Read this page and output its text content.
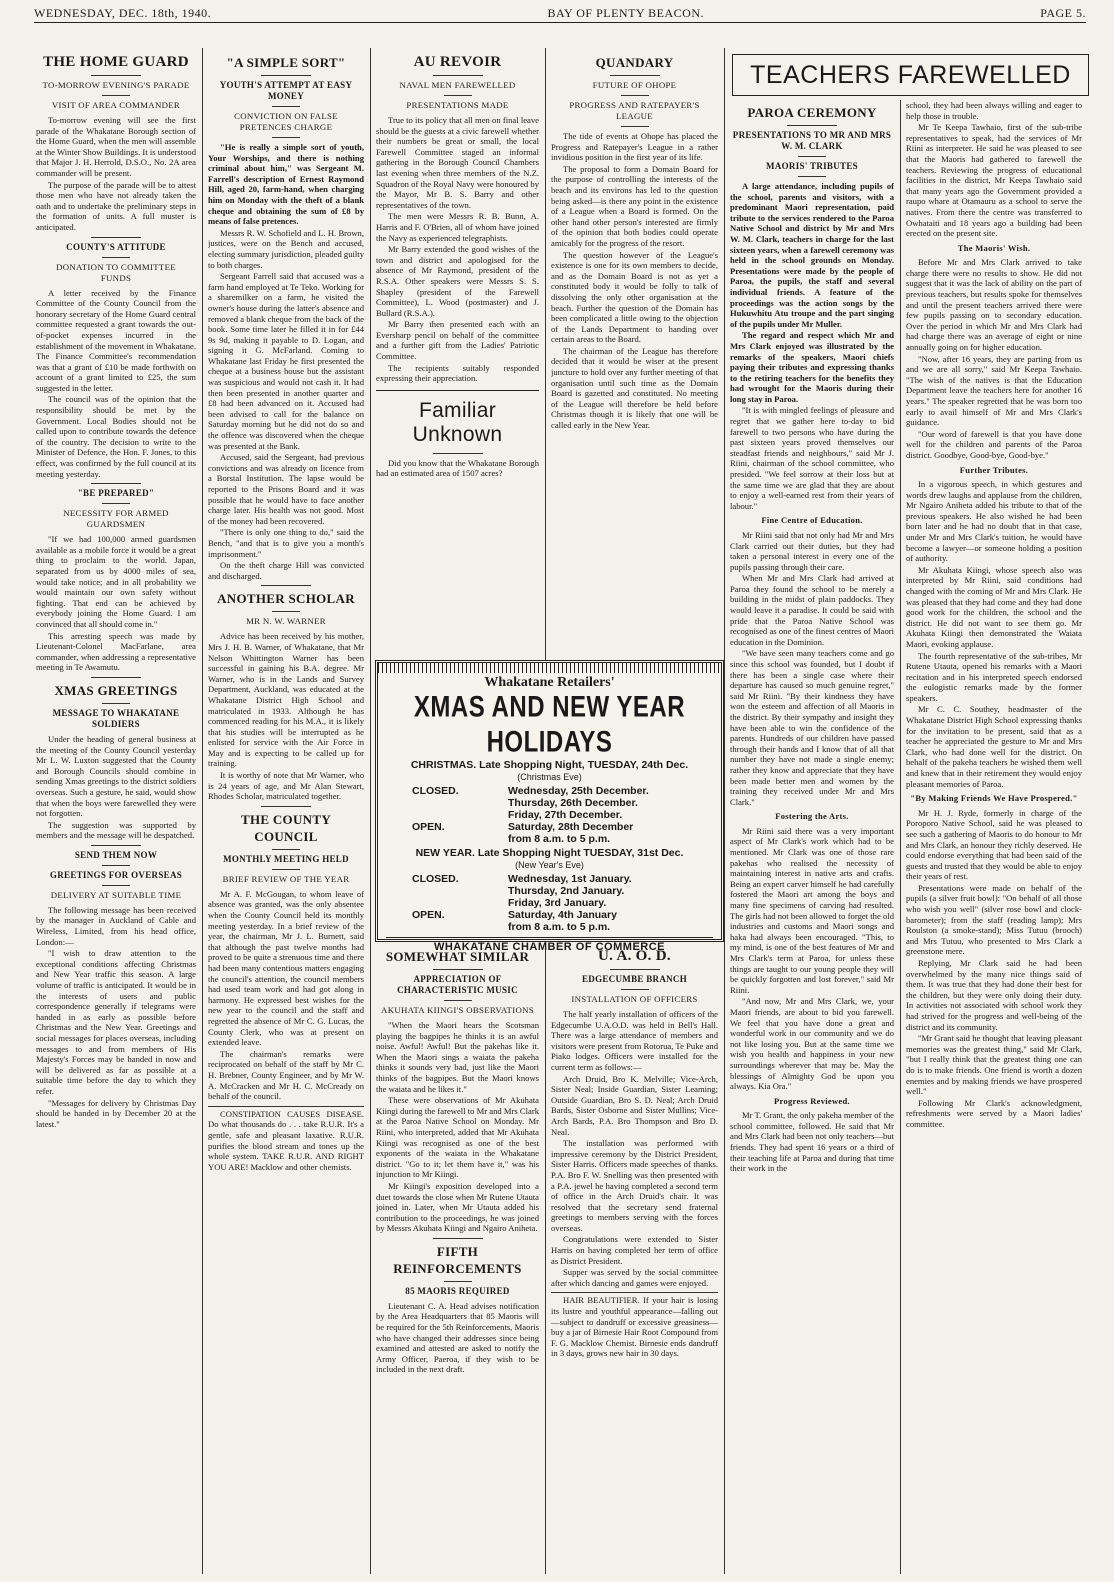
WEDNESDAY, DEC. 18th, 1940.	BAY OF PLENTY BEACON.	PAGE 5.
THE HOME GUARD
TO-MORROW EVENING'S PARADE
VISIT OF AREA COMMANDER

To-morrow evening will see the first parade of the Whakatane Borough section of the Home Guard, when the men will assemble at the Winter Show Buildings. It is understood that Major J. H. Herrold, D.S.O., No. 2A area commander will be present.

The purpose of the parade will be to attest those men who have not already taken the oath and to undertake the preliminary steps in the formation of units. A full muster is anticipated.

COUNTY'S ATTITUDE
DONATION TO COMMITTEE FUNDS

A letter received by the Finance Committee of the County Council from the honorary secretary of the Home Guard central committee requested a grant towards the out-of-pocket expenses incurred in the establishment of the movement in Whakatane. The Finance Committee's recommendation was that a grant of £10 be made forthwith on account of a grant limited to £25, the sum suggested in the letter.

The council was of the opinion that the responsibility should be met by the Government. Local Bodies should not be called upon to contribute towards the defence of the country. The decision to write to the Minister of Defence, the Hon. F. Jones, to this effect, was confirmed by the full council at its meeting yesterday.

"BE PREPARED"
NECESSITY FOR ARMED GUARDSMEN

"If we had 100,000 armed guardsmen available as a mobile force it would be a great thing to proclaim to the world. Japan, separated from us by 4000 miles of sea, would take notice; and in all probability we would maintain our own safety without fighting. That end can be achieved by everybody joining the Home Guard. I am convinced that all should come in."

This arresting speech was made by Lieutenant-Colonel MacFarlane, area commander, when addressing a representative meeting in Te Awamutu.

XMAS GREETINGS
MESSAGE TO WHAKATANE SOLDIERS

Under the heading of general business at the meeting of the County Council yesterday Mr L. W. Luxton suggested that the County and Borough Councils should combine in sending Xmas greetings to the district soldiers overseas. Such a gesture, he said, would show that when the boys were farewelled they were not forgotten.

The suggestion was supported by members and the message will be despatched.

SEND THEM NOW
GREETINGS FOR OVERSEAS
DELIVERY AT SUITABLE TIME

The following message has been received by the manager in Auckland of Cable and Wireless, Limited, from his head office, London:—

"I wish to draw attention to the exceptional conditions affecting Christmas and New Year traffic this season. A large volume of traffic is anticipated. It would be in the interests of users and public correspondence generally if telegrams were handed in as early as possible before Christmas and the New Year. Greetings and social messages for places overseas, including messages to and from members of His Majesty's Forces may be handed in now and will be delivered as far as possible at a suitable time before the day to which they refer.

"Messages for delivery by Christmas Day should be handed in by December 20 at the latest."

"A SIMPLE SORT"
YOUTH'S ATTEMPT AT EASY MONEY
CONVICTION ON FALSE PRETENCES CHARGE

"He is really a simple sort of youth, Your Worships, and there is nothing criminal about him," was Sergeant M. Farrell's description of Ernest Raymond Hill, aged 20, farm-hand, when charging him on Monday with the theft of a blank cheque and obtaining the sum of £8 by means of false pretences.

Messrs R. W. Schofield and L. H. Brown, justices, were on the Bench and accused, electing summary jurisdiction, pleaded guilty to both charges.

Sergeant Farrell said that accused was a farm hand employed at Te Teko. Working for a sharemilker on a farm, he visited the owner's house during the latter's absence and removed a blank cheque from the back of the book. Some time later he filled it in for £44 9s 9d, making it payable to D. Logan, and signing it G. McFarland. Coming to Whakatane last Friday he first presented the cheque at a business house but the assistant was suspicious and would not cash it. It had then been presented in another quarter and £8 had been advanced on it. Accused had been advised to call for the balance on Saturday morning but he did not do so and the offence was discovered when the cheque was presented at the Bank.

Accused, said the Sergeant, had previous convictions and was already on licence from a Borstal Institution. The lapse would be reported to the Prisons Board and it was possible that he would have to face another charge later. His health was not good. Most of the money had been recovered.

"There is only one thing to do," said the Bench, "and that is to give you a month's imprisonment."

On the theft charge Hill was convicted and discharged.

ANOTHER SCHOLAR
MR N. W. WARNER

Advice has been received by his mother, Mrs J. H. B. Warner, of Whakatane, that Mr Nelson Whittington Warner has been successful in gaining his B.A. degree. Mr Warner, who is in the Lands and Survey Department, Auckland, was educated at the Whakatane District High School and matriculated in 1933. Although he has commenced reading for his M.A., it is likely that his studies will be interrupted as he enlisted for service with the Air Force in May and is expecting to be called up for training.

It is worthy of note that Mr Warner, who is 24 years of age, and Mr Alan Stewart, Rhodes Scholar, matriculated together.

THE COUNTY COUNCIL
MONTHLY MEETING HELD
BRIEF REVIEW OF THE YEAR

Mr A. F. McGougan, to whom leave of absence was granted, was the only absentee when the County Council held its monthly meeting yesterday. In a brief review of the year, the chairman, Mr J. L. Burnett, said that although the past twelve months had proved to be quite a strenuous time and there had been many contentious matters engaging the council's attention, the council members had used team work and had got along in harmony. He expressed best wishes for the new year to the council and the staff and regretted the absence of Mr C. G. Lucas, the County Clerk, who was at present on extended leave.

The chairman's remarks were reciprocated on behalf of the staff by Mr C. H. Brebner, County Engineer, and by Mr W. A. McCracken and Mr H. C. McCready on behalf of the council.

CONSTIPATION CAUSES DISEASE. Do what thousands do . . . take R.U.R. It's a gentle, safe and pleasant laxative. R.U.R. purifies the blood stream and tones up the whole system. TAKE R.U.R. AND RIGHT YOU ARE! Macklow and other chemists.

AU REVOIR
NAVAL MEN FAREWELLED
PRESENTATIONS MADE

True to its policy that all men on final leave should be the guests at a civic farewell whether their numbers be great or small, the local Farewell Committee staged an informal gathering in the Borough Council Chambers last evening when three members of the N.Z. Squadron of the Royal Navy were honoured by the Mayor, Mr B. S. Barry and other representatives of the town.

The men were Messrs R. B. Bunn, A. Harris and F. O'Brien, all of whom have joined the Navy as experienced telegraphists.

Mr Barry extended the good wishes of the town and district and apologised for the absence of Mr Raymond, president of the R.S.A. Other speakers were Messrs S. S. Shapley (president of the Farewell Committee), L. Wood (postmaster) and J. Bullard (R.S.A.).

Mr Barry then presented each with an Eversharp pencil on behalf of the committee and a further gift from the Ladies' Patriotic Committee.

The recipients suitably responded expressing their appreciation.

Familiar Unknown

Did you know that the Whakatane Borough had an estimated area of 1507 acres?

QUANDARY
FUTURE OF OHOPE
PROGRESS AND RATEPAYER'S LEAGUE

The tide of events at Ohope has placed the Progress and Ratepayer's League in a rather invidious position in the first year of its life.

The proposal to form a Domain Board for the purpose of controlling the interests of the beach and its environs has led to the question being asked—is there any point in the existence of a League when a Board is formed. On the other hand other person's interested are firmly of the opinion that both bodies could operate amicably for the progress of the resort.

The question however of the League's existence is one for its own members to decide, and as the Domain Board is not as yet a constituted body it would be folly to talk of dissolving the only other organisation at the beach. Further the question of the Domain has been complicated a little owing to the objection of the Lands Department to handing over certain areas to the Board.

The chairman of the League has therefore decided that it would be wiser at the present juncture to hold over any further meeting of that organisation until such time as the Domain Board is gazetted and constituted. No meeting of the League will therefore be held before Christmas though it is likely that one will be called early in the New Year.

Whakatane Retailers'
XMAS AND NEW YEAR HOLIDAYS
CHRISTMAS. Late Shopping Night, TUESDAY, 24th Dec.
(Christmas Eve)
CLOSED.	Wednesday, 25th December.
	Thursday, 26th December.
	Friday, 27th December.
OPEN.	Saturday, 28th December
	from 8 a.m. to 5 p.m.
NEW YEAR. Late Shopping Night TUESDAY, 31st Dec.
(New Year's Eve)
CLOSED.	Wednesday, 1st January.
	Thursday, 2nd January.
	Friday, 3rd January.
OPEN.	Saturday, 4th January
	from 8 a.m. to 5 p.m.
WHAKATANE CHAMBER OF COMMERCE
SOMEWHAT SIMILAR
APPRECIATION OF CHARACTERISTIC MUSIC
AKUHATA KIINGI'S OBSERVATIONS

"When the Maori hears the Scotsman playing the bagpipes he thinks it is an awful noise. Awful! Awful! But the pakehas like it. When the Maori sings a waiata the pakeha thinks it sounds very bad, just like the Maori thinks of the bagpipes. But the Maori knows the waiata and he likes it."

These were observations of Mr Akuhata Kiingi during the farewell to Mr and Mrs Clark at the Paroa Native School on Monday. Mr Riini, who interpreted, added that Mr Akuhata Kiingi was recognised as one of the best exponents of the waiata in the Whakatane district. "Go to it; let them have it," was his injunction to Mr Kiingi.

Mr Kiingi's exposition developed into a duet towards the close when Mr Rutene Utauta joined in. Later, when Mr Utauta added his contribution to the proceedings, he was joined by Messrs Akuhata Kiingi and Ngairo Aniheta.

FIFTH REINFORCEMENTS
85 MAORIS REQUIRED

Lieutenant C. A. Head advises notification by the Area Headquarters that 85 Maoris will be required for the 5th Reinforcements, Maoris who have changed their addresses since being examined and attested are asked to notify the Army Officer, Paeroa, if they wish to be included in the next draft.

U. A. O. D.
EDGECUMBE BRANCH
INSTALLATION OF OFFICERS

The half yearly installation of officers of the Edgecumbe U.A.O.D. was held in Bell's Hall. There was a large attendance of members and visitors were present from Rotorua, Te Puke and Piako lodges. Officers were installed for the current term as follows:—

Arch Druid, Bro K. Melville; Vice-Arch, Sister Neal; Inside Guardian, Sister Leaming; Outside Guardian, Bro S. D. Neal; Arch Druid Bards, Sister Osborne and Sister Mullins; Vice-Arch Bards, P.A. Bro Thompson and Bro D. Neal.

The installation was performed with impressive ceremony by the District President, Sister Harris. Officers made speeches of thanks. P.A. Bro F. W. Snelling was then presented with a P.A. jewel he having completed a second term of office in the Arch Druid's chair. It was resolved that the secretary send fraternal greetings to members serving with the forces overseas.

Congratulations were extended to Sister Harris on having completed her term of office as District President.

Supper was served by the social committee after which dancing and games were enjoyed.

HAIR BEAUTIFIER. If your hair is losing its lustre and youthful appearance—falling out—subject to dandruff or excessive greasiness—buy a jar of Birnesie Hair Root Compound from F. G. Macklow Chemist. Birnesie ends dandruff in 3 days, grows new hair in 30 days.

TEACHERS FAREWELLED
PAROA CEREMONY
PRESENTATIONS TO MR AND MRS W. M. CLARK
MAORIS' TRIBUTES

A large attendance, including pupils of the school, parents and visitors, with a predominant Maori representation, paid tribute to the services rendered to the Paroa Native School and district by Mr and Mrs W. M. Clark, teachers in charge for the last sixteen years, when a farewell ceremony was held in the school grounds on Monday. Presentations were made by the people of Paroa, the pupils, the staff and several individual friends. A feature of the proceedings was the action songs by the Hukuwhitu Atu troupe and the part singing of the pupils under Mr Muller.

The regard and respect which Mr and Mrs Clark enjoyed was illustrated by the remarks of the speakers, Maori chiefs paying their tributes and expressing thanks to the retiring teachers for the benefits they had wrought for the Maoris during their long stay in Paroa.

"It is with mingled feelings of pleasure and regret that we gather here to-day to bid farewell to two persons who have during the past sixteen years proved themselves our steadfast friends and neighbours," said Mr J. Riini, chairman of the school committee, who presided. "We feel sorrow at their loss but at the same time we are glad that they are about to enjoy a well-earned rest from their years of labour."

Fine Centre of Education.

Mr Riini said that not only had Mr and Mrs Clark carried out their duties, but they had taken a personal interest in every one of the pupils passing through their care.

When Mr and Mrs Clark had arrived at Paroa they found the school to be merely a building in the midst of plain paddocks. They would leave it a paradise. It could be said with pride that the Paroa Native School was recognised as one of the finest centres of Maori education in the Dominion.

"We have seen many teachers come and go since this school was founded, but I doubt if there has been a single case where their departure has caused so much genuine regret," said Mr Riini. "By their kindness they have won the esteem and affection of all Maoris in the district. By their sympathy and insight they have been able to win the confidence of the parents. Hundreds of our children have passed through their hands and I know that of all that number they have not made a single enemy; rather they know and appreciate that they have been made better men and women by the training they received under Mr and Mrs Clark."

Fostering the Arts.

Mr Riini said there was a very important aspect of Mr Clark's work which had to be mentioned. Mr Clark was one of those rare pakehas who realised the necessity of maintaining interest in native arts and crafts. Being an expert carver himself he had carefully fostered the Maori art among the boys and many fine specimens of carving had resulted. The girls had not been allowed to forget the old industries and customs and Maori songs and haka had always been encouraged. "This, to my mind, is one of the best features of Mr and Mrs Clark's term at Paroa, for unless these things are taught to our young people they will be quickly forgotten and lost forever," said Mr Riini.

"And now, Mr and Mrs Clark, we, your Maori friends, are about to bid you farewell. We feel that you have done a great and wonderful work in our community and we do not like losing you. But at the same time we wish you health and happiness in your new surroundings wherever that may be. May the blessings of Almighty God be upon you always. Kia Ora."

Progress Reviewed.

Mr T. Grant, the only pakeha member of the school committee, followed. He said that Mr and Mrs Clark had been not only teachers—but friends. They had spent 16 years or a third of their teaching life at Paroa and during that time their work in the

school, they had been always willing and eager to help those in trouble.

Mr Te Keepa Tawhaio, first of the sub-tribe representatives to speak, had the services of Mr Riini as interpreter. He said he was pleased to see that the Maoris had gathered to farewell the teachers. Reviewing the progress of educational facilities in the district, Mr Keepa Tawhaio said that many years ago the Government provided a raupo whare at Otamauru as a school to serve the natives. From there the centre was transferred to Owhataiti and 18 years ago a building had been erected on the present site.

The Maoris' Wish.

Before Mr and Mrs Clark arrived to take charge there were no results to show. He did not suggest that it was the lack of ability on the part of previous teachers, but results spoke for themselves and until the present teachers arrived there were few pupils passing on to secondary education. Over the period in which Mr and Mrs Clark had had charge there was an average of eight or nine annually going on for higher education.

"Now, after 16 years, they are parting from us and we are all sorry," said Mr Keepa Tawhaio. "The wish of the natives is that the Education Department leave the teachers here for another 16 years." The speaker regretted that he was born too early to avail himself of Mr and Mrs Clark's guidance.

"Our word of farewell is that you have done well for the children and parents of the Paroa district. Goodbye, Good-bye, Good-bye."

Further Tributes.

In a vigorous speech, in which gestures and words drew laughs and applause from the children, Mr Ngairo Aniheta added his tribute to that of the previous speakers. He also wished he had been born later and he had no doubt that in that case, under Mr and Mrs Clark's tuition, he would have become a lawyer—or someone holding a position of authority.

Mr Akuhata Kiingi, whose speech also was interpreted by Mr Riini, said conditions had changed with the coming of Mr and Mrs Clark. He was pleased that they had come and they had done good work for the children, the school and the district. He did not want to see them go. Mr Akuhata Kiingi then demonstrated the Waiata Maori, evoking applause.

The fourth representative of the sub-tribes, Mr Rutene Utauta, opened his remarks with a Maori recitation and in his interpreted speech endorsed the eulogistic remarks made by the former speakers.

Mr C. C. Southey, headmaster of the Whakatane District High School expressing thanks for the invitation to be present, said that as a teacher he appreciated the gesture to Mr and Mrs Clark, who had done well for the district. On behalf of the pakeha teachers he wished them well and knew that in their retirement they would enjoy pleasant memories of Paroa.

"By Making Friends We Have Prospered."

Mr H. J. Ryde, formerly in charge of the Poroporo Native School, said he was pleased to see such a gathering of Maoris to do honour to Mr and Mrs Clark, an honour they richly deserved. He could endorse everything that had been said of the guests and trusted that they would be able to enjoy their years of rest.

Presentations were made on behalf of the pupils (a silver fruit bowl): "On behalf of all those who wish you well" (silver rose bowl and clock-barometer); from the staff (reading lamp); Mrs Roulston (a smoke-stand); Miss Tutuu (brooch) and Mrs Tutuu, who presented to Mrs Clark a greenstone mere.

Replying, Mr Clark said he had been overwhelmed by the many nice things said of them. It was true that they had done their best for the children, but they were only doing their duty. In activities not associated with school work they had strived for the progress and well-being of the district and its community.

"Mr Grant said he thought that leaving pleasant memories was the greatest thing," said Mr Clark, "but I really think that the greatest thing one can do is to make friends. One friend is worth a dozen enemies and by making friends we have prospered well."

Following Mr Clark's acknowledgment, refreshments were served by a Maori ladies' committee.
